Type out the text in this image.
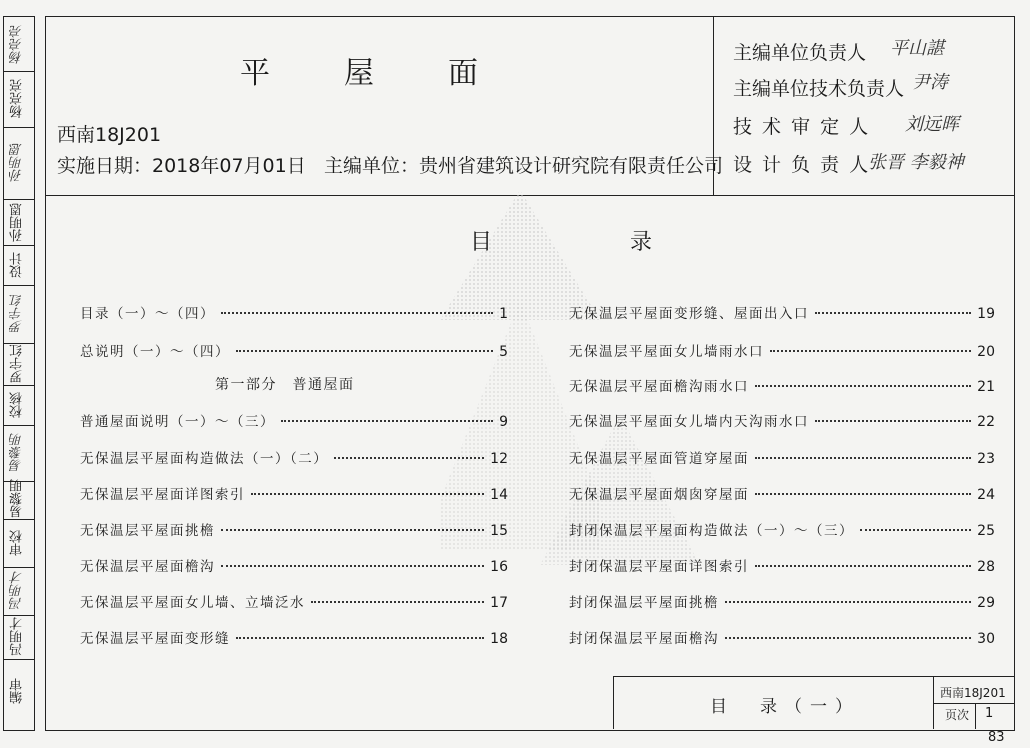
杨亮亮
杨亮亮
孙明恩
孙明恩
设计
罗宇红
罗宇红
校核
易黎明
易黎明
审校
冯明才
冯明才
编审
平　屋　面
西南18J201
实施日期：2018年07月01日 主编单位：贵州省建筑设计研究院有限责任公司
主编单位负责人 平山諶
主编单位技术负责人 尹涛
技 术 审 定 人 刘远晖
设 计 负 责 人
张晋 李毅神
目　录
第一部分　普通屋面
目录（一）～（四）	1
总说明（一）～（四）	5
普通屋面说明（一）～（三）	9
无保温层平屋面构造做法（一）（二）	12
无保温层平屋面详图索引	14
无保温层平屋面挑檐	15
无保温层平屋面檐沟	16
无保温层平屋面女儿墙、立墙泛水	17
无保温层平屋面变形缝	18
无保温层平屋面变形缝、屋面出入口	19
无保温层平屋面女儿墙雨水口	20
无保温层平屋面檐沟雨水口	21
无保温层平屋面女儿墙内天沟雨水口	22
无保温层平屋面管道穿屋面	23
无保温层平屋面烟囱穿屋面	24
封闭保温层平屋面构造做法（一）～（三）	25
封闭保温层平屋面详图索引	28
封闭保温层平屋面挑檐	29
封闭保温层平屋面檐沟	30
目　录（一）
西南18J201
页次 1
83
